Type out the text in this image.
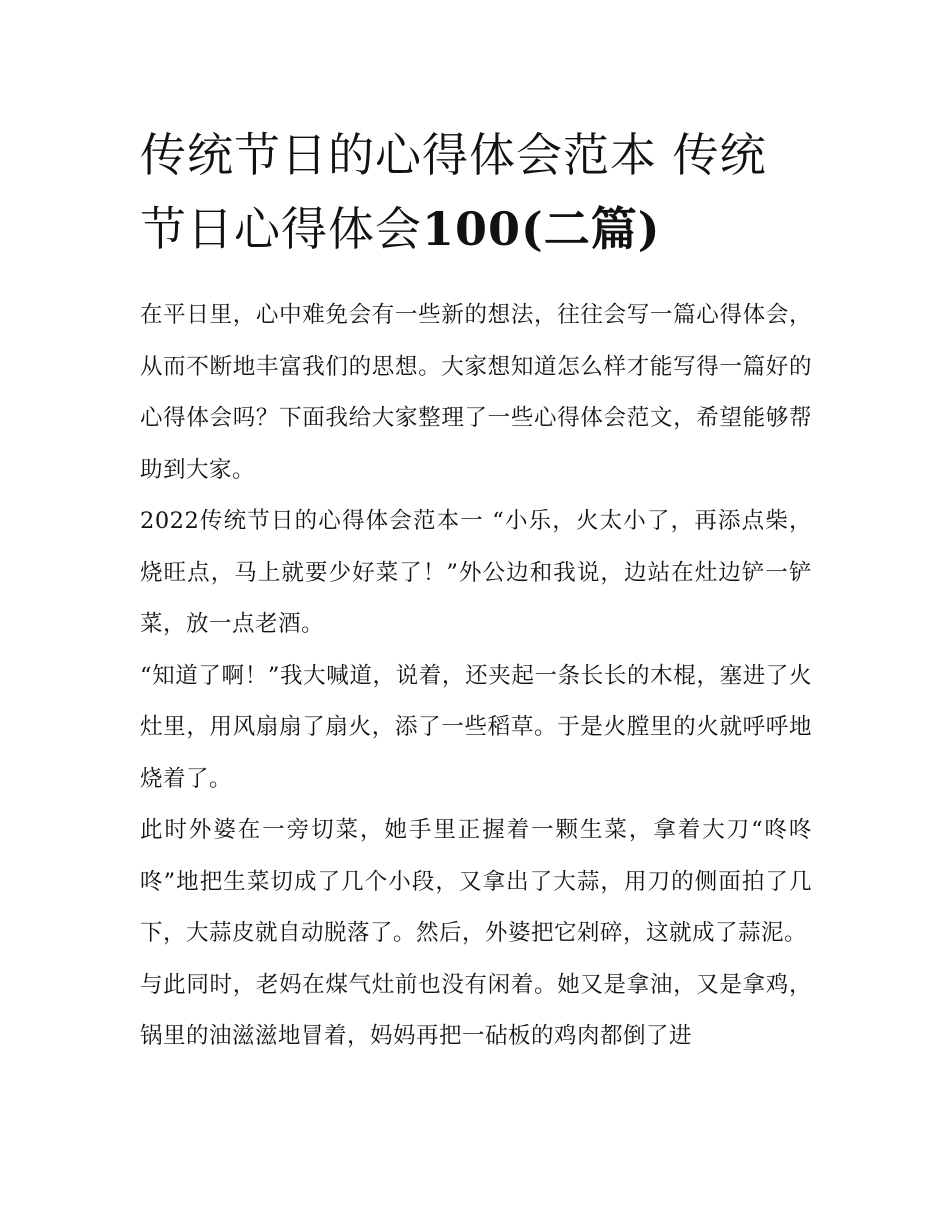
传统节日的心得体会范本 传统节日心得体会100(二篇)

在平日里，心中难免会有一些新的想法，往往会写一篇心得体会，从而不断地丰富我们的思想。大家想知道怎么样才能写得一篇好的心得体会吗？下面我给大家整理了一些心得体会范文，希望能够帮助到大家。

2022传统节日的心得体会范本一 “小乐，火太小了，再添点柴，烧旺点，马上就要少好菜了！”外公边和我说，边站在灶边铲一铲菜，放一点老酒。

“知道了啊！”我大喊道，说着，还夹起一条长长的木棍，塞进了火灶里，用风扇扇了扇火，添了一些稻草。于是火膛里的火就呼呼地烧着了。

此时外婆在一旁切菜，她手里正握着一颗生菜，拿着大刀“咚咚咚”地把生菜切成了几个小段，又拿出了大蒜，用刀的侧面拍了几下，大蒜皮就自动脱落了。然后，外婆把它剁碎，这就成了蒜泥。

与此同时，老妈在煤气灶前也没有闲着。她又是拿油，又是拿鸡，锅里的油滋滋地冒着，妈妈再把一砧板的鸡肉都倒了进
